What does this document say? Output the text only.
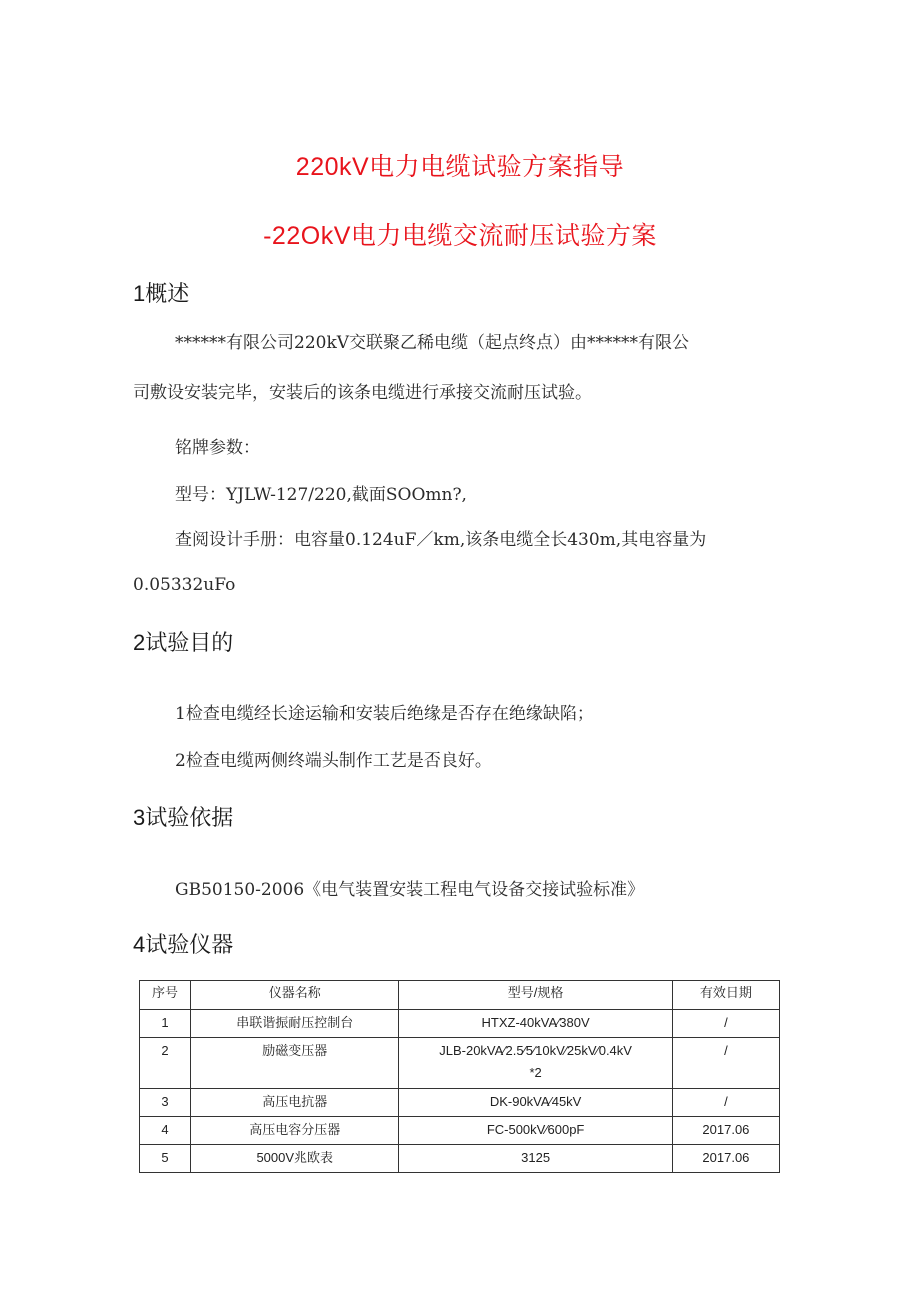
220kV电力电缆试验方案指导
-22OkV电力电缆交流耐压试验方案
1概述
******有限公司220kV交联聚乙稀电缆（起点终点）由******有限公
司敷设安装完毕，安装后的该条电缆进行承接交流耐压试验。
铭牌参数：
型号：YJLW-127/220,截面SOOmn?,
查阅设计手册：电容量0.124uF／km,该条电缆全长430m,其电容量为
0.05332uFo
2试验目的
1检查电缆经长途运输和安装后绝缘是否存在绝缘缺陷；
2检查电缆两侧终端头制作工艺是否良好。
3试验依据
GB50150-2006《电气装置安装工程电气设备交接试验标准》
4试验仪器
序号	仪器名称	型号/规格	有效日期
1	串联谐振耐压控制台	HTXZ-40kVA⁄380V	/
2	励磁变压器	JLB-20kVA⁄2.5⁄5⁄10kV⁄25kV⁄0.4kV
*2	/
3	高压电抗器	DK-90kVA⁄45kV	/
4	高压电容分压器	FC-500kV⁄600pF	2017.06
5	5000V兆欧表	3125	2017.06
